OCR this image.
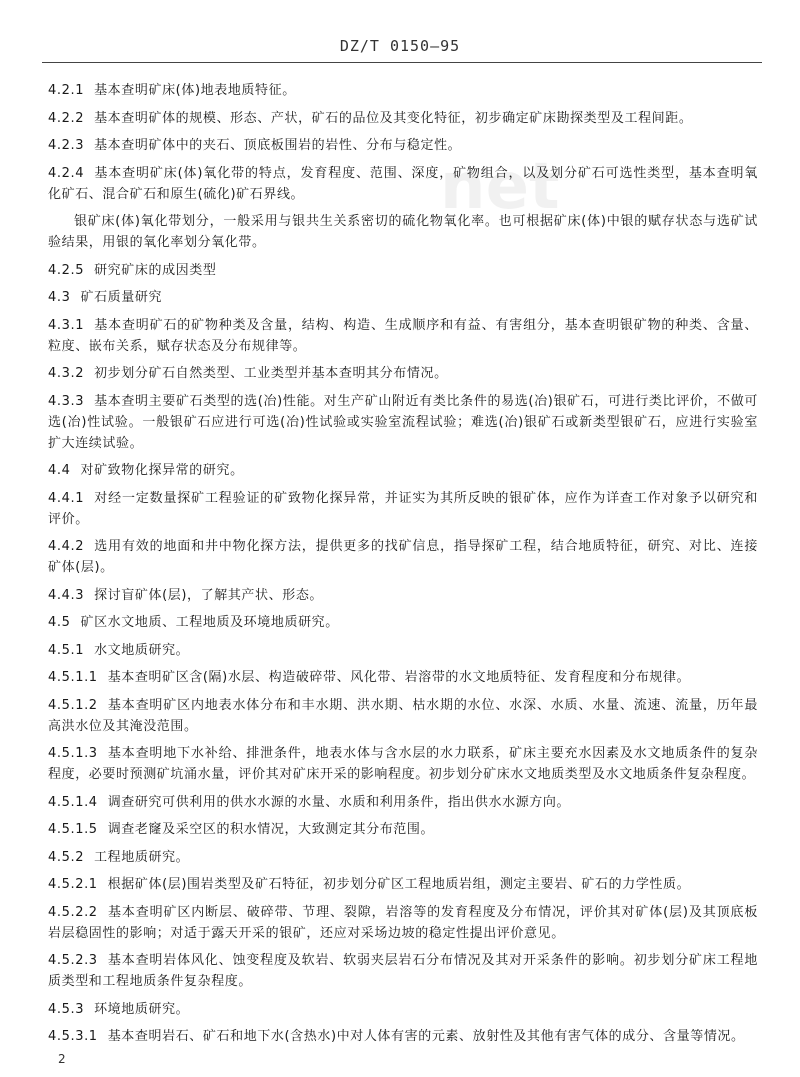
DZ/T 0150—95
net

4.2.1 基本查明矿床(体)地表地质特征。

4.2.2 基本查明矿体的规模、形态、产状，矿石的品位及其变化特征，初步确定矿床勘探类型及工程间距。

4.2.3 基本查明矿体中的夹石、顶底板围岩的岩性、分布与稳定性。

4.2.4 基本查明矿床(体)氧化带的特点，发育程度、范围、深度，矿物组合，以及划分矿石可选性类型，基本查明氧化矿石、混合矿石和原生(硫化)矿石界线。

银矿床(体)氧化带划分，一般采用与银共生关系密切的硫化物氧化率。也可根据矿床(体)中银的赋存状态与选矿试验结果，用银的氧化率划分氧化带。

4.2.5 研究矿床的成因类型

4.3 矿石质量研究

4.3.1 基本查明矿石的矿物种类及含量，结构、构造、生成顺序和有益、有害组分，基本查明银矿物的种类、含量、粒度、嵌布关系，赋存状态及分布规律等。

4.3.2 初步划分矿石自然类型、工业类型并基本查明其分布情况。

4.3.3 基本查明主要矿石类型的选(冶)性能。对生产矿山附近有类比条件的易选(冶)银矿石，可进行类比评价，不做可选(冶)性试验。一般银矿石应进行可选(冶)性试验或实验室流程试验；难选(冶)银矿石或新类型银矿石，应进行实验室扩大连续试验。

4.4 对矿致物化探异常的研究。

4.4.1 对经一定数量探矿工程验证的矿致物化探异常，并证实为其所反映的银矿体，应作为详查工作对象予以研究和评价。

4.4.2 选用有效的地面和井中物化探方法，提供更多的找矿信息，指导探矿工程，结合地质特征，研究、对比、连接矿体(层)。

4.4.3 探讨盲矿体(层)，了解其产状、形态。

4.5 矿区水文地质、工程地质及环境地质研究。

4.5.1 水文地质研究。

4.5.1.1 基本查明矿区含(隔)水层、构造破碎带、风化带、岩溶带的水文地质特征、发育程度和分布规律。

4.5.1.2 基本查明矿区内地表水体分布和丰水期、洪水期、枯水期的水位、水深、水质、水量、流速、流量，历年最高洪水位及其淹没范围。

4.5.1.3 基本查明地下水补给、排泄条件，地表水体与含水层的水力联系，矿床主要充水因素及水文地质条件的复杂程度，必要时预测矿坑涌水量，评价其对矿床开采的影响程度。初步划分矿床水文地质类型及水文地质条件复杂程度。

4.5.1.4 调查研究可供利用的供水水源的水量、水质和利用条件，指出供水水源方向。

4.5.1.5 调查老窿及采空区的积水情况，大致测定其分布范围。

4.5.2 工程地质研究。

4.5.2.1 根据矿体(层)围岩类型及矿石特征，初步划分矿区工程地质岩组，测定主要岩、矿石的力学性质。

4.5.2.2 基本查明矿区内断层、破碎带、节理、裂隙，岩溶等的发育程度及分布情况，评价其对矿体(层)及其顶底板岩层稳固性的影响；对适于露天开采的银矿，还应对采场边坡的稳定性提出评价意见。

4.5.2.3 基本查明岩体风化、蚀变程度及软岩、软弱夹层岩石分布情况及其对开采条件的影响。初步划分矿床工程地质类型和工程地质条件复杂程度。

4.5.3 环境地质研究。

4.5.3.1 基本查明岩石、矿石和地下水(含热水)中对人体有害的元素、放射性及其他有害气体的成分、含量等情况。

2
